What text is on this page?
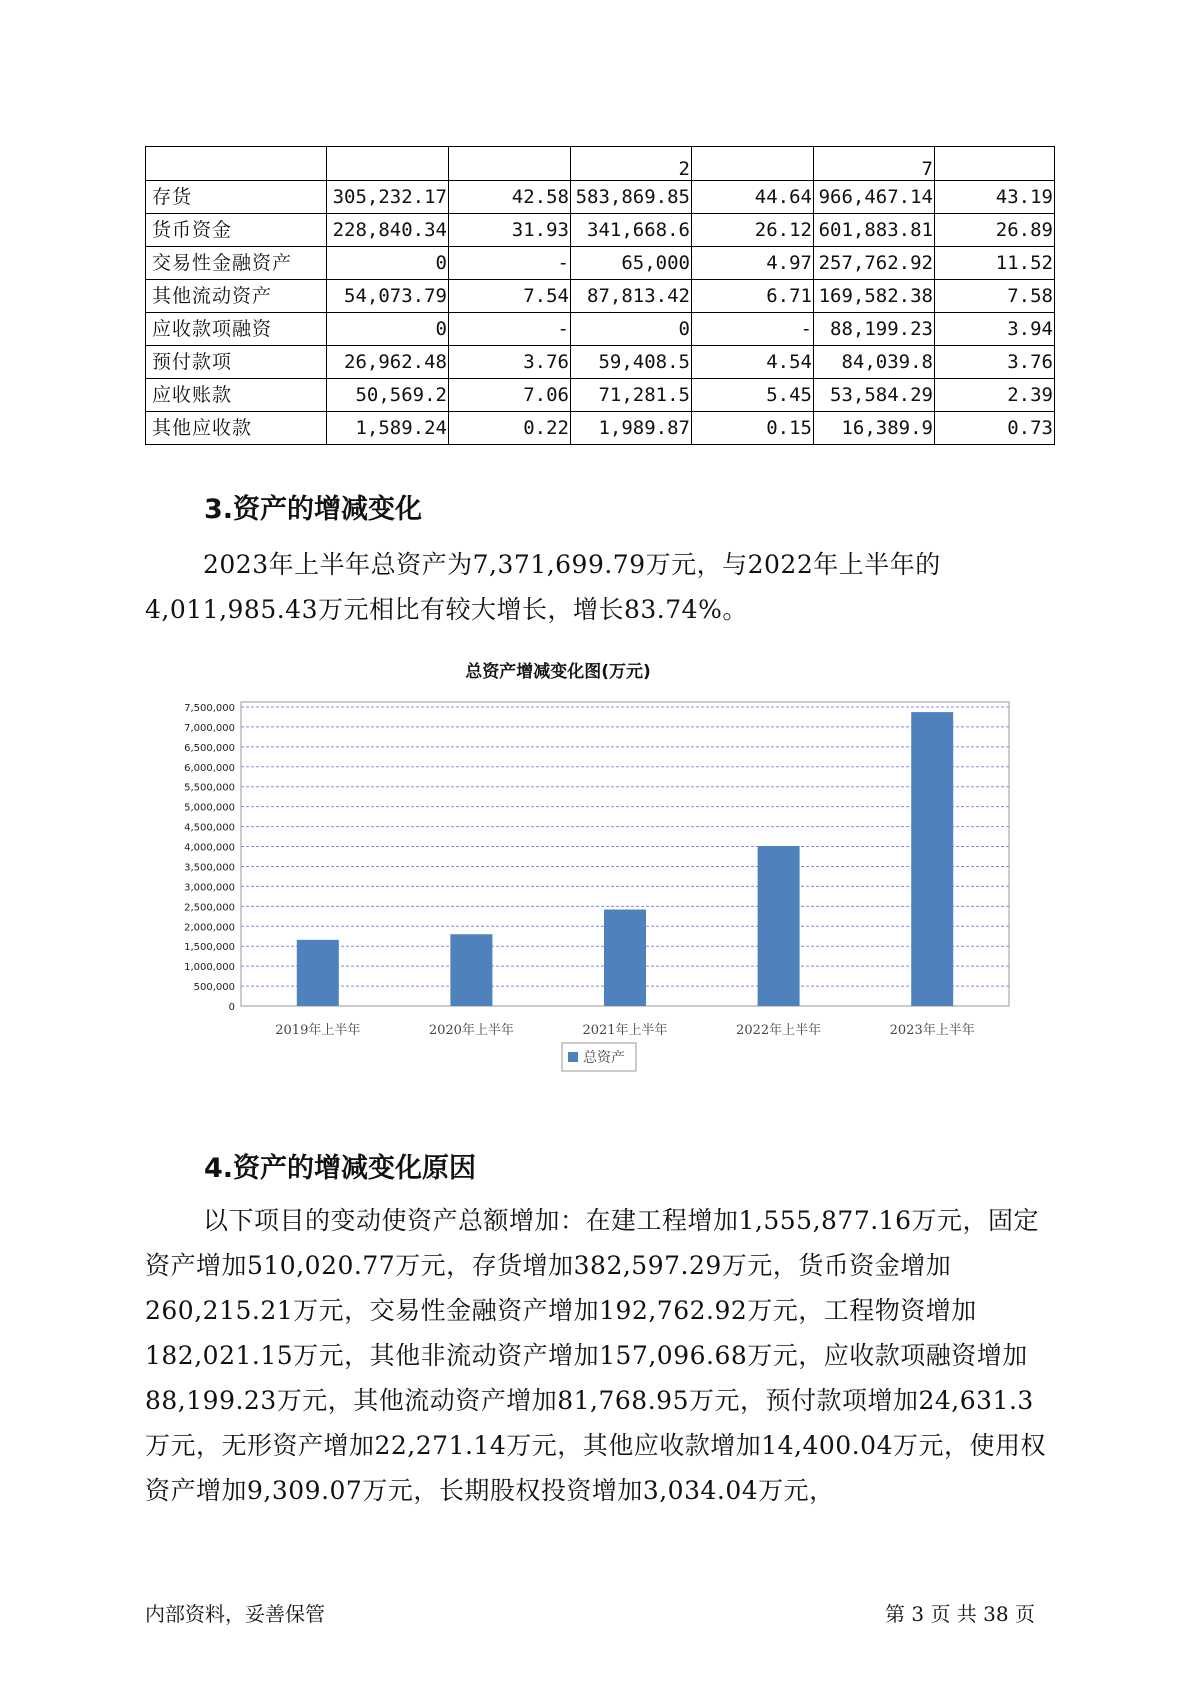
			2		7	
存货	305,232.17	42.58	583,869.85	44.64	966,467.14	43.19
货币资金	228,840.34	31.93	341,668.6	26.12	601,883.81	26.89
交易性金融资产	0	-	65,000	4.97	257,762.92	11.52
其他流动资产	54,073.79	7.54	87,813.42	6.71	169,582.38	7.58
应收款项融资	0	-	0	-	88,199.23	3.94
预付款项	26,962.48	3.76	59,408.5	4.54	84,039.8	3.76
应收账款	50,569.2	7.06	71,281.5	5.45	53,584.29	2.39
其他应收款	1,589.24	0.22	1,989.87	0.15	16,389.9	0.73
3.资产的增减变化

2023年上半年总资产为7,371,699.79万元，与2022年上半年的4,011,985.43万元相比有较大增长，增长83.74%。

总资产增减变化图(万元)
0
500,000
1,000,000
1,500,000
2,000,000
2,500,000
3,000,000
3,500,000
4,000,000
4,500,000
5,000,000
5,500,000
6,000,000
6,500,000
7,000,000
7,500,000
2019年上半年	2020年上半年	2021年上半年	2022年上半年	2023年上半年
总资产
4.资产的增减变化原因

以下项目的变动使资产总额增加：在建工程增加1,555,877.16万元，固定资产增加510,020.77万元，存货增加382,597.29万元，货币资金增加260,215.21万元，交易性金融资产增加192,762.92万元，工程物资增加182,021.15万元，其他非流动资产增加157,096.68万元，应收款项融资增加88,199.23万元，其他流动资产增加81,768.95万元，预付款项增加24,631.3万元，无形资产增加22,271.14万元，其他应收款增加14,400.04万元，使用权资产增加9,309.07万元，长期股权投资增加3,034.04万元，

内部资料，妥善保管	第 3 页 共 38 页
